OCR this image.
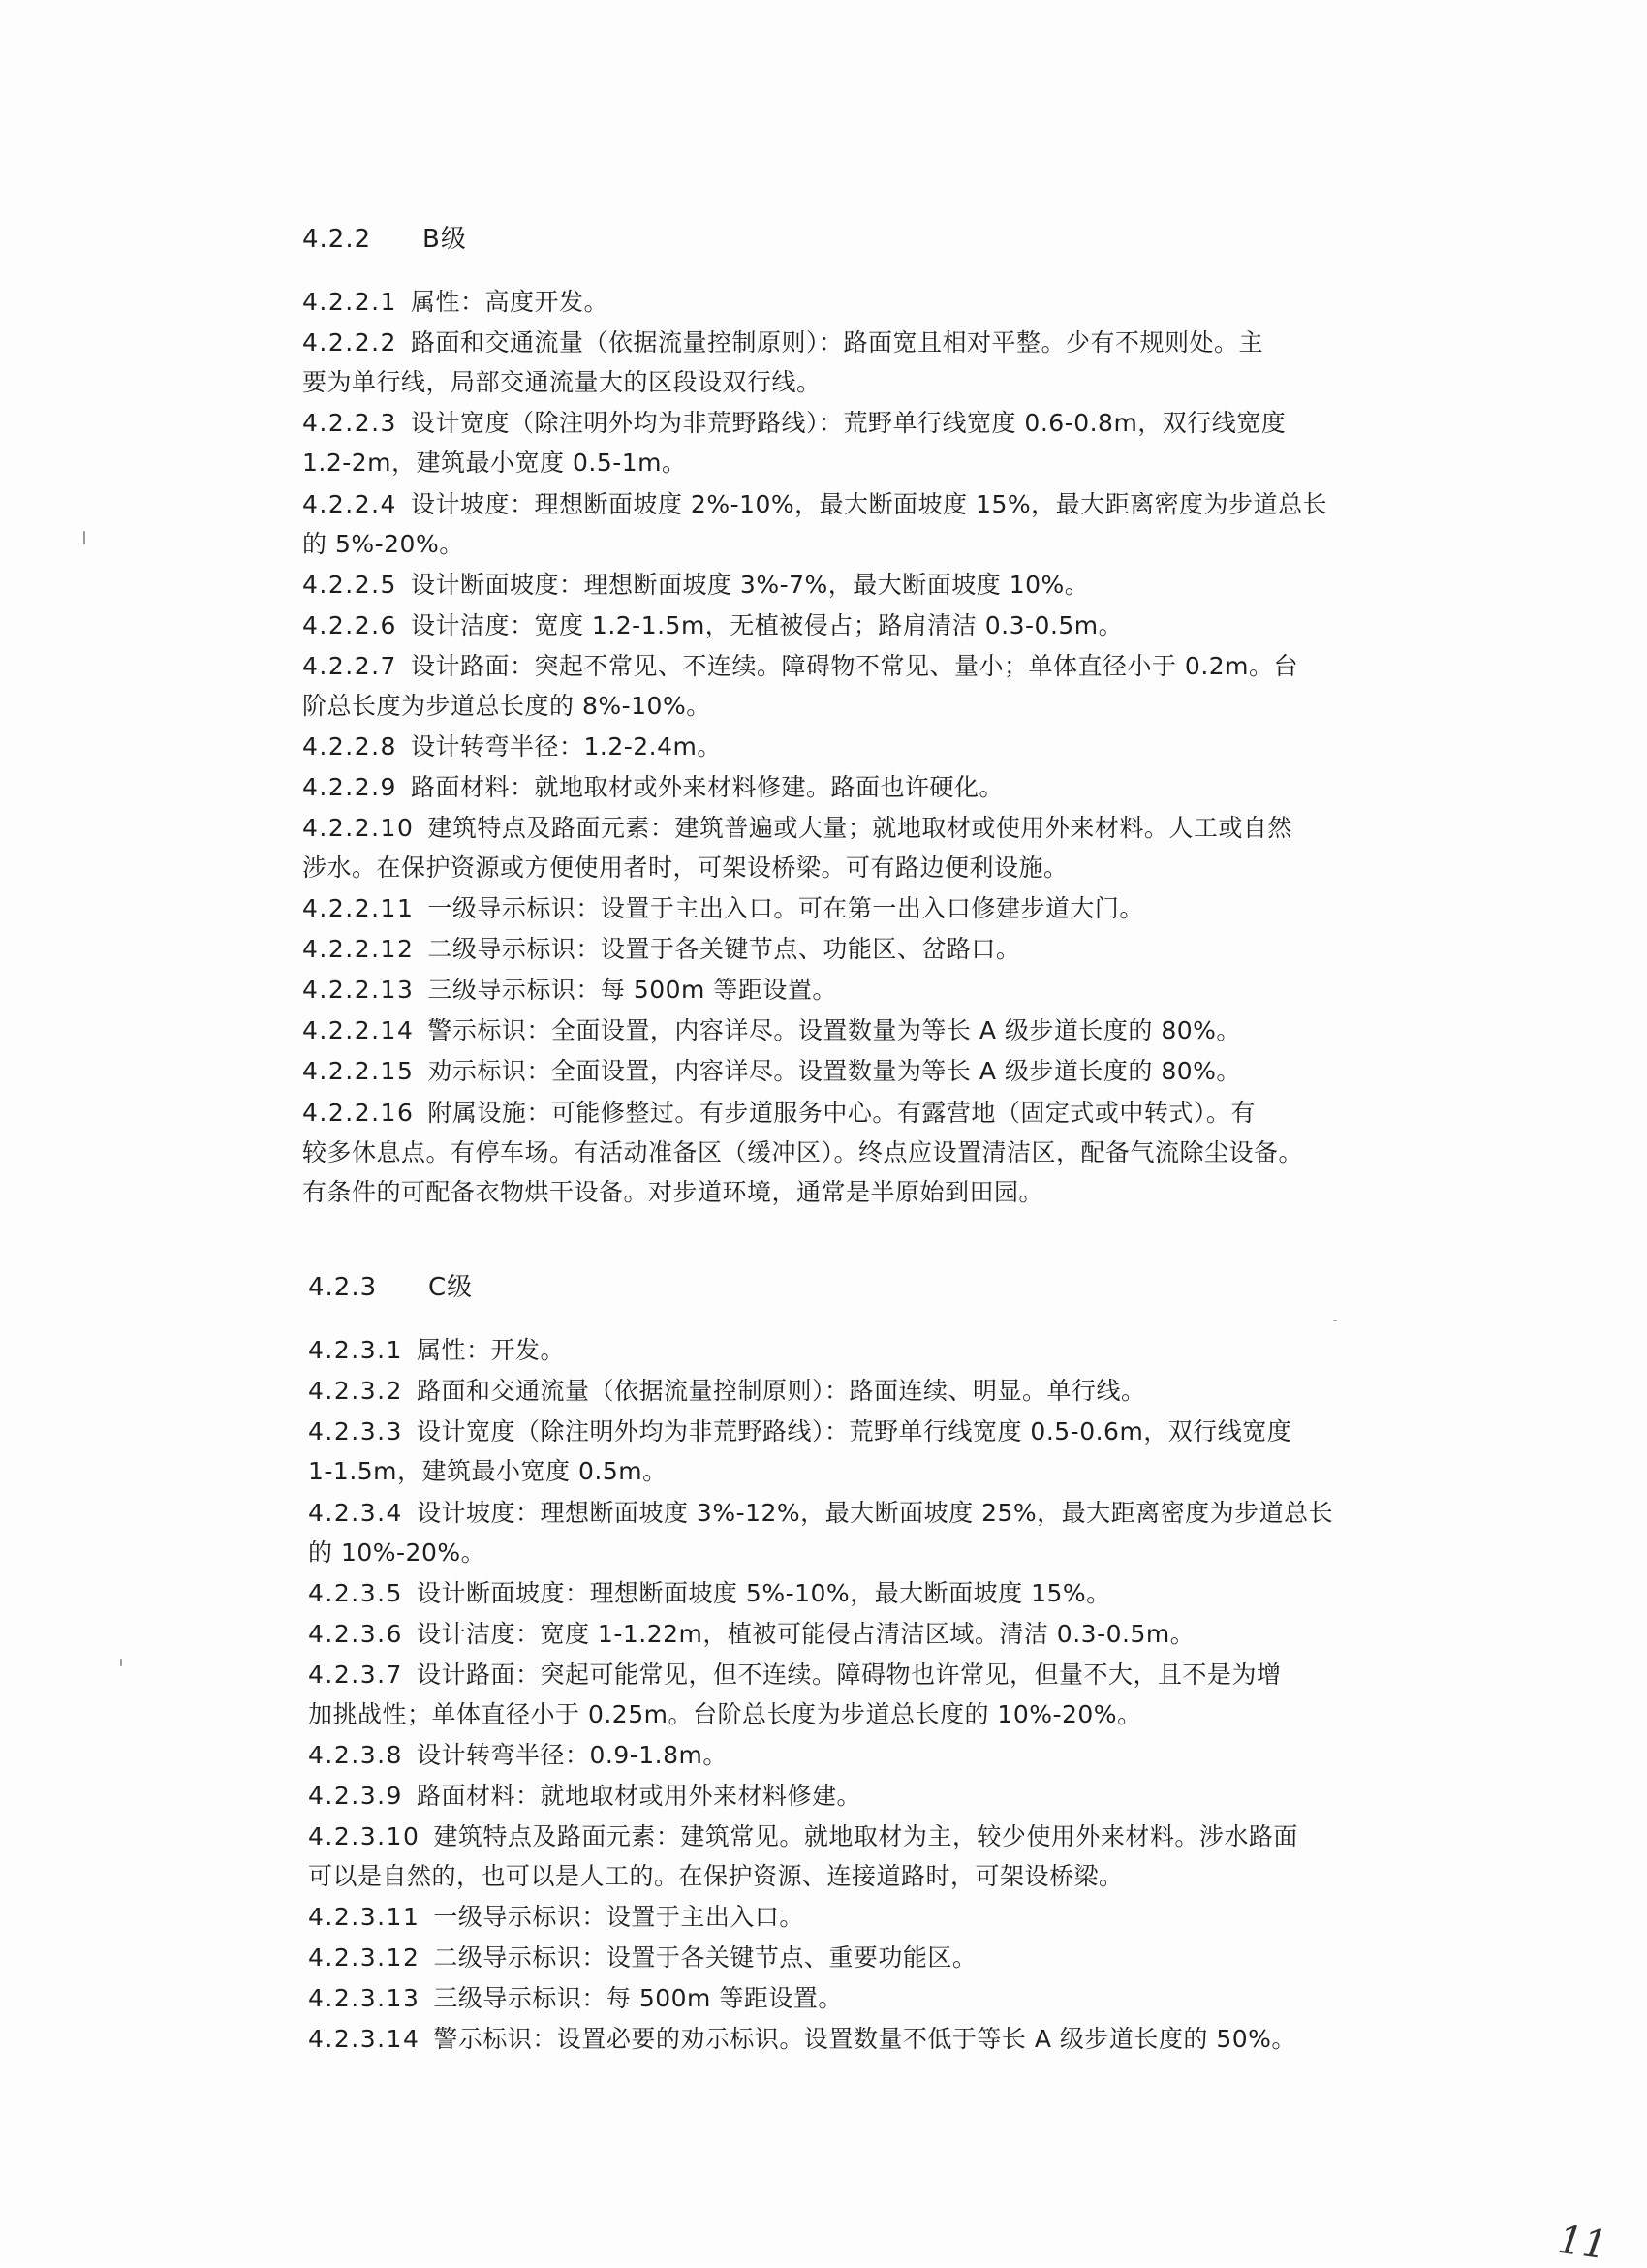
4.2.2 B级
4.2.2.1 属性：高度开发。
4.2.2.2 路面和交通流量（依据流量控制原则）：路面宽且相对平整。少有不规则处。主
要为单行线，局部交通流量大的区段设双行线。
4.2.2.3 设计宽度（除注明外均为非荒野路线）：荒野单行线宽度 0.6-0.8m，双行线宽度
1.2-2m，建筑最小宽度 0.5-1m。
4.2.2.4 设计坡度：理想断面坡度 2%-10%，最大断面坡度 15%，最大距离密度为步道总长
的 5%-20%。
4.2.2.5 设计断面坡度：理想断面坡度 3%-7%，最大断面坡度 10%。
4.2.2.6 设计洁度：宽度 1.2-1.5m，无植被侵占；路肩清洁 0.3-0.5m。
4.2.2.7 设计路面：突起不常见、不连续。障碍物不常见、量小；单体直径小于 0.2m。台
阶总长度为步道总长度的 8%-10%。
4.2.2.8 设计转弯半径：1.2-2.4m。
4.2.2.9 路面材料：就地取材或外来材料修建。路面也许硬化。
4.2.2.10 建筑特点及路面元素：建筑普遍或大量；就地取材或使用外来材料。人工或自然
涉水。在保护资源或方便使用者时，可架设桥梁。可有路边便利设施。
4.2.2.11 一级导示标识：设置于主出入口。可在第一出入口修建步道大门。
4.2.2.12 二级导示标识：设置于各关键节点、功能区、岔路口。
4.2.2.13 三级导示标识：每 500m 等距设置。
4.2.2.14 警示标识：全面设置，内容详尽。设置数量为等长 A 级步道长度的 80%。
4.2.2.15 劝示标识：全面设置，内容详尽。设置数量为等长 A 级步道长度的 80%。
4.2.2.16 附属设施：可能修整过。有步道服务中心。有露营地（固定式或中转式）。有
较多休息点。有停车场。有活动准备区（缓冲区）。终点应设置清洁区，配备气流除尘设备。
有条件的可配备衣物烘干设备。对步道环境，通常是半原始到田园。
4.2.3 C级
4.2.3.1 属性：开发。
4.2.3.2 路面和交通流量（依据流量控制原则）：路面连续、明显。单行线。
4.2.3.3 设计宽度（除注明外均为非荒野路线）：荒野单行线宽度 0.5-0.6m，双行线宽度
1-1.5m，建筑最小宽度 0.5m。
4.2.3.4 设计坡度：理想断面坡度 3%-12%，最大断面坡度 25%，最大距离密度为步道总长
的 10%-20%。
4.2.3.5 设计断面坡度：理想断面坡度 5%-10%，最大断面坡度 15%。
4.2.3.6 设计洁度：宽度 1-1.22m，植被可能侵占清洁区域。清洁 0.3-0.5m。
4.2.3.7 设计路面：突起可能常见，但不连续。障碍物也许常见，但量不大，且不是为增
加挑战性；单体直径小于 0.25m。台阶总长度为步道总长度的 10%-20%。
4.2.3.8 设计转弯半径：0.9-1.8m。
4.2.3.9 路面材料：就地取材或用外来材料修建。
4.2.3.10 建筑特点及路面元素：建筑常见。就地取材为主，较少使用外来材料。涉水路面
可以是自然的，也可以是人工的。在保护资源、连接道路时，可架设桥梁。
4.2.3.11 一级导示标识：设置于主出入口。
4.2.3.12 二级导示标识：设置于各关键节点、重要功能区。
4.2.3.13 三级导示标识：每 500m 等距设置。
4.2.3.14 警示标识：设置必要的劝示标识。设置数量不低于等长 A 级步道长度的 50%。
11
